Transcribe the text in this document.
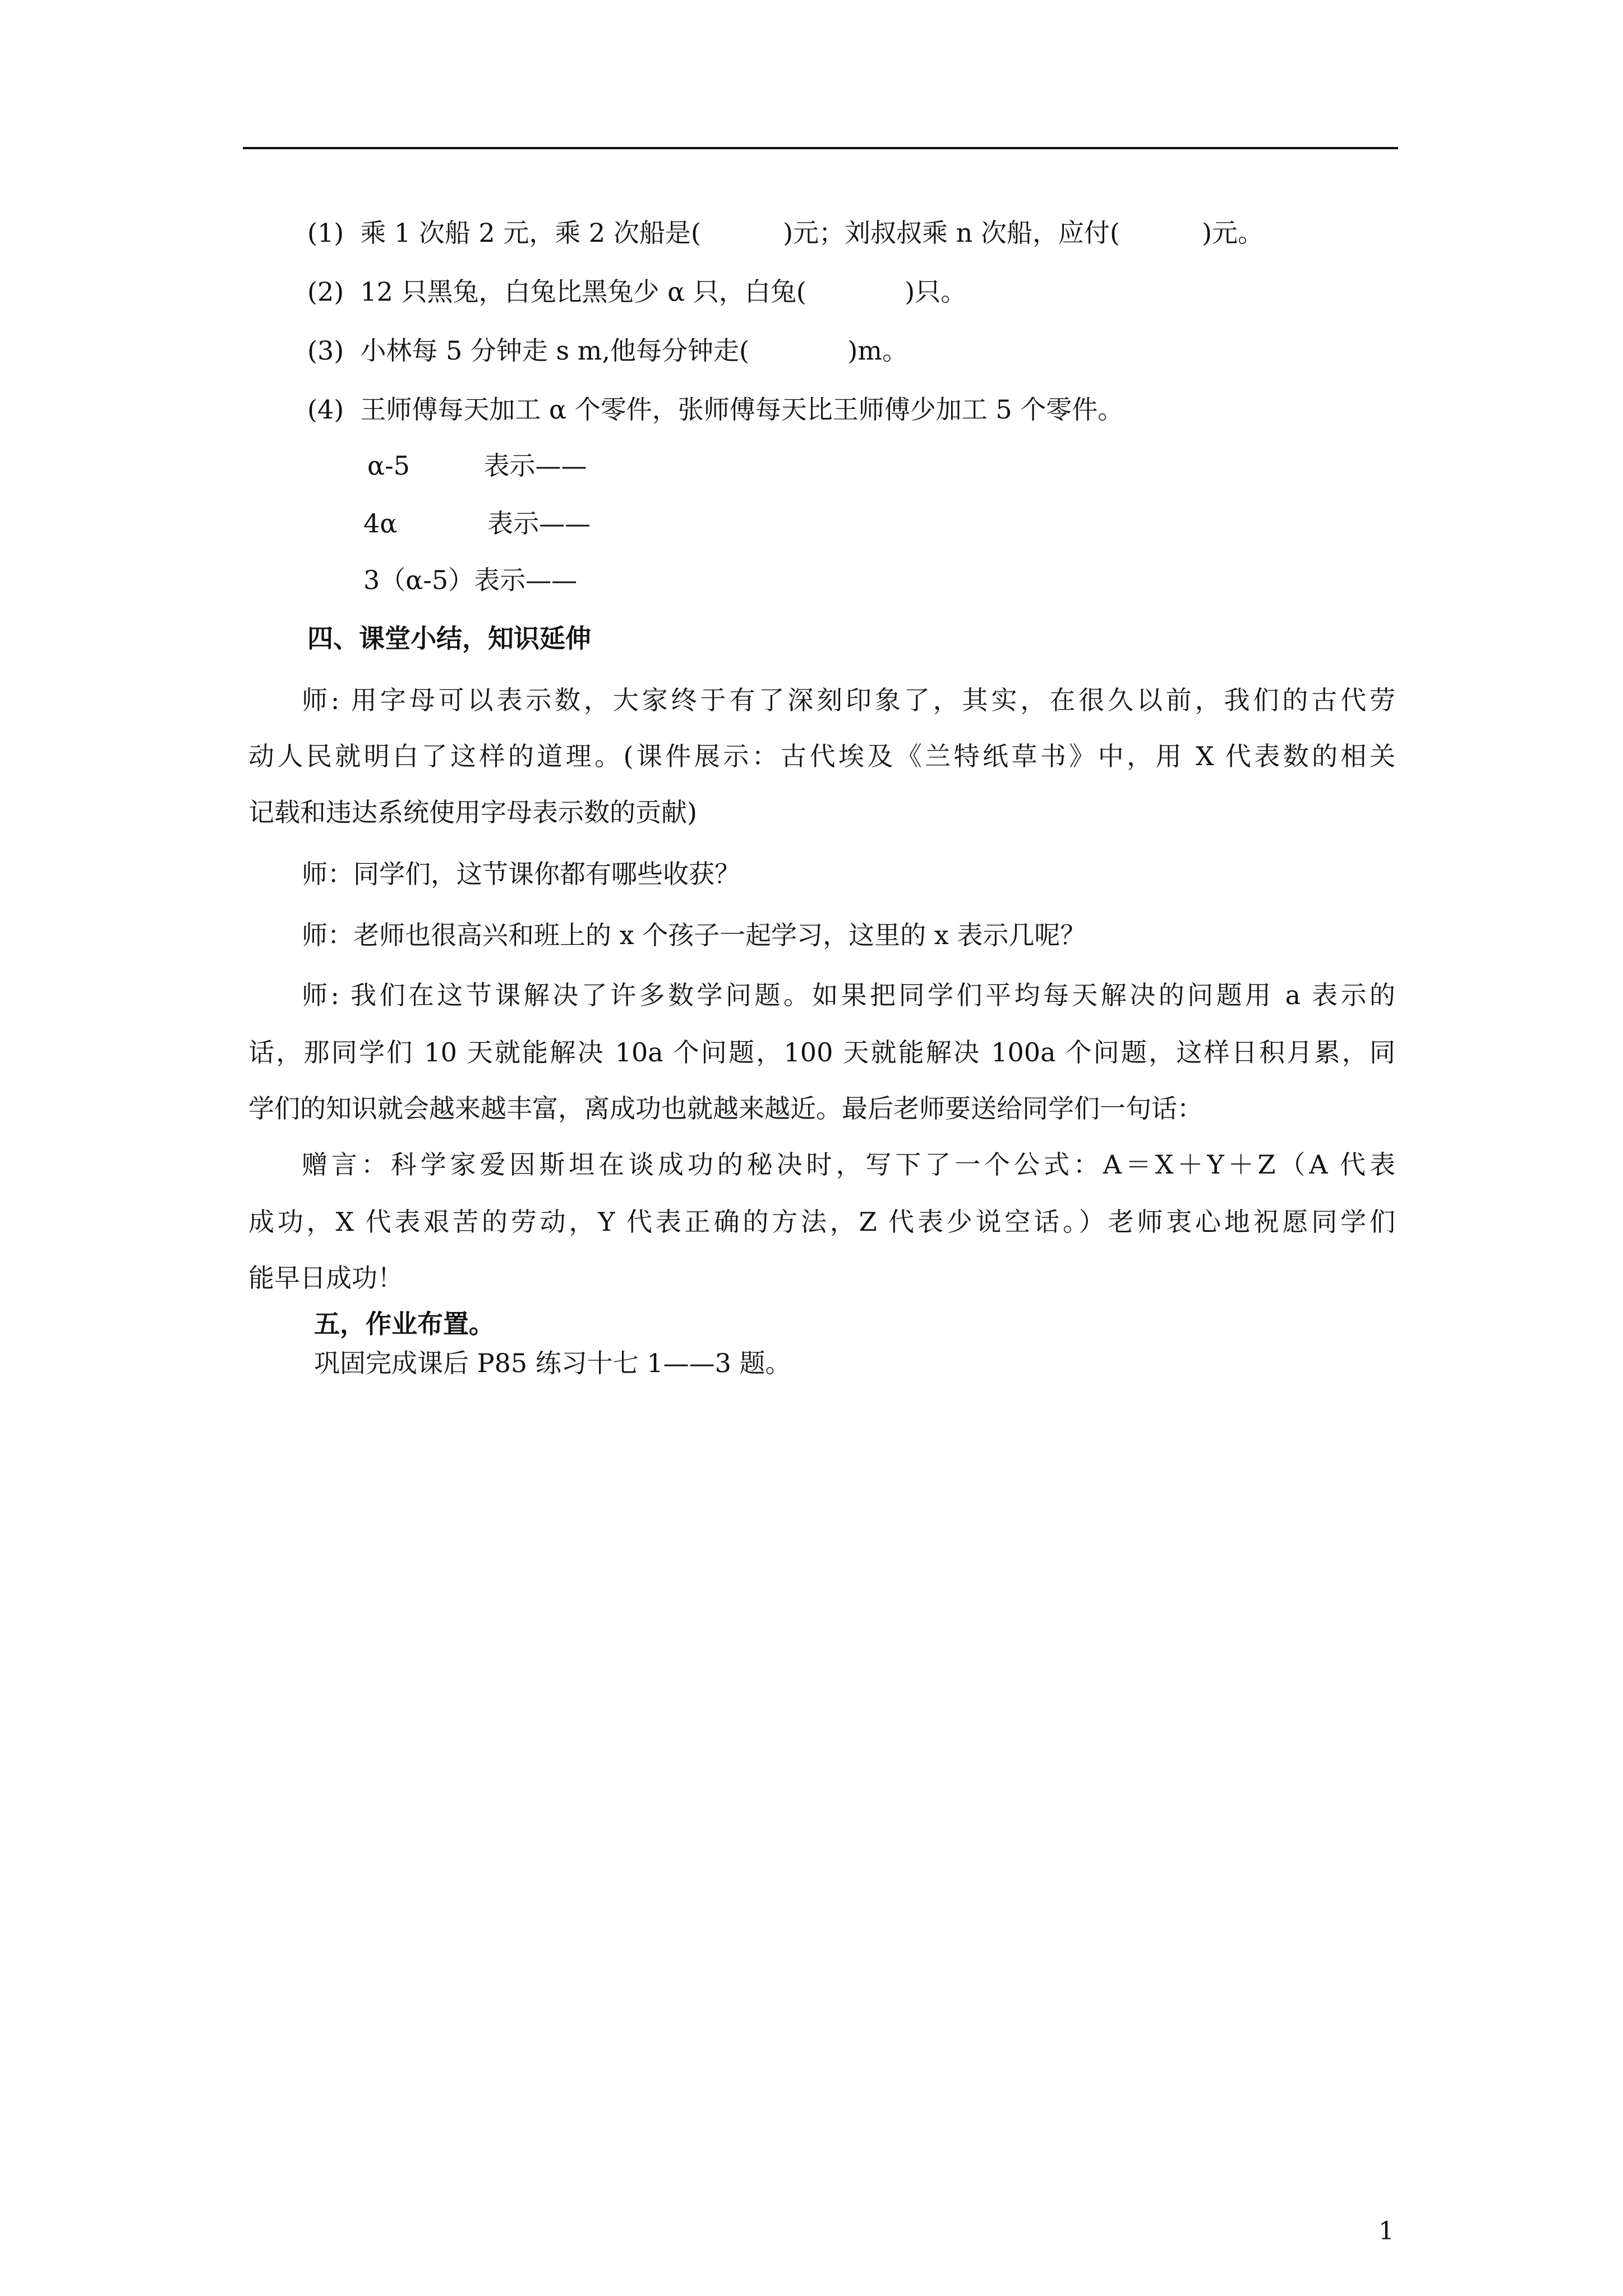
(1)  乘 1 次船 2 元，乘 2 次船是(          )元；刘叔叔乘 n 次船，应付(          )元。
(2)  12 只黑兔，白兔比黑兔少 α 只，白兔(            )只。
(3)  小林每 5 分钟走 s m,他每分钟走(            )m。
(4)  王师傅每天加工 α 个零件，张师傅每天比王师傅少加工 5 个零件。
α-5         表示——
4α           表示——
3（α-5）表示——
四、课堂小结，知识延伸
师: 用字母可以表示数，大家终于有了深刻印象了，其实，在很久以前，我们的古代劳
动人民就明白了这样的道理。(课件展示：古代埃及《兰特纸草书》中，用 X 代表数的相关
记载和违达系统使用字母表示数的贡献)
师：同学们，这节课你都有哪些收获？
师：老师也很高兴和班上的 x 个孩子一起学习，这里的 x 表示几呢？
师: 我们在这节课解决了许多数学问题。如果把同学们平均每天解决的问题用 a 表示的
话，那同学们 10 天就能解决 10a 个问题，100 天就能解决 100a 个问题，这样日积月累，同
学们的知识就会越来越丰富，离成功也就越来越近。最后老师要送给同学们一句话：
赠言：科学家爱因斯坦在谈成功的秘决时，写下了一个公式：A＝X＋Y＋Z（A 代表
成功，X 代表艰苦的劳动，Y 代表正确的方法，Z 代表少说空话。）老师衷心地祝愿同学们
能早日成功！
五，作业布置。
巩固完成课后 P85 练习十七 1——3 题。
1
